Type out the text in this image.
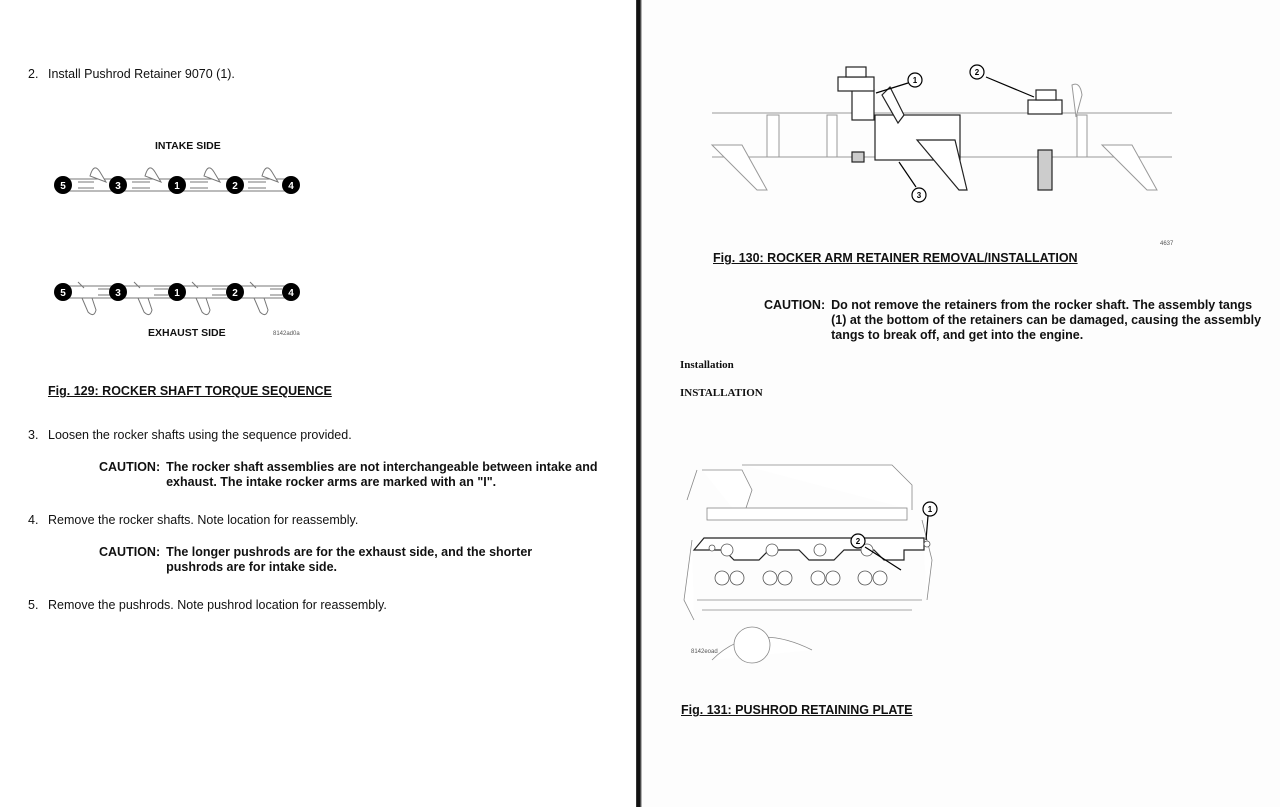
2. Install Pushrod Retainer 9070 (1).
INTAKE SIDE
5	3	1	2	4
5	3	1	2	4
EXHAUST SIDE	8142ad0a
Fig. 129: ROCKER SHAFT TORQUE SEQUENCE
3. Loosen the rocker shafts using the sequence provided.
CAUTION: The rocker shaft assemblies are not interchangeable between intake and exhaust. The intake rocker arms are marked with an "I".
4. Remove the rocker shafts. Note location for reassembly.
CAUTION: The longer pushrods are for the exhaust side, and the shorter pushrods are for intake side.
5. Remove the pushrods. Note pushrod location for reassembly.
1
2
3
4637
Fig. 130: ROCKER ARM RETAINER REMOVAL/INSTALLATION
CAUTION: Do not remove the retainers from the rocker shaft. The assembly tangs (1) at the bottom of the retainers can be damaged, causing the assembly tangs to break off, and get into the engine.
Installation
INSTALLATION
1
2
8142eoad
Fig. 131: PUSHROD RETAINING PLATE
